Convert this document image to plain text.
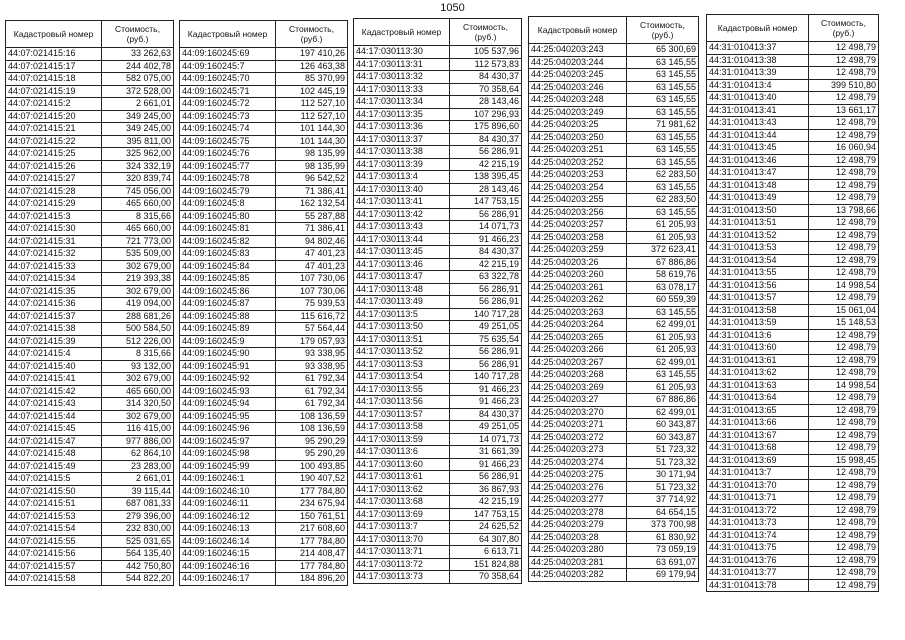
1050
Кадастровый номер	Стоимость, (руб.)
44:07:021415:16	33 262,63
44:07:021415:17	244 402,78
44:07:021415:18	582 075,00
44:07:021415:19	372 528,00
44:07:021415:2	2 661,01
44:07:021415:20	349 245,00
44:07:021415:21	349 245,00
44:07:021415:22	395 811,00
44:07:021415:25	325 962,00
44:07:021415:26	324 332,19
44:07:021415:27	320 839,74
44:07:021415:28	745 056,00
44:07:021415:29	465 660,00
44:07:021415:3	8 315,66
44:07:021415:30	465 660,00
44:07:021415:31	721 773,00
44:07:021415:32	535 509,00
44:07:021415:33	302 679,00
44:07:021415:34	219 393,38
44:07:021415:35	302 679,00
44:07:021415:36	419 094,00
44:07:021415:37	288 681,26
44:07:021415:38	500 584,50
44:07:021415:39	512 226,00
44:07:021415:4	8 315,66
44:07:021415:40	93 132,00
44:07:021415:41	302 679,00
44:07:021415:42	465 660,00
44:07:021415:43	314 320,50
44:07:021415:44	302 679,00
44:07:021415:45	116 415,00
44:07:021415:47	977 886,00
44:07:021415:48	62 864,10
44:07:021415:49	23 283,00
44:07:021415:5	2 661,01
44:07:021415:50	39 115,44
44:07:021415:51	687 081,33
44:07:021415:53	279 396,00
44:07:021415:54	232 830,00
44:07:021415:55	525 031,65
44:07:021415:56	564 135,40
44:07:021415:57	442 750,80
44:07:021415:58	544 822,20
Кадастровый номер	Стоимость, (руб.)
44:09:160245:69	197 410,26
44:09:160245:7	126 463,38
44:09:160245:70	85 370,99
44:09:160245:71	102 445,19
44:09:160245:72	112 527,10
44:09:160245:73	112 527,10
44:09:160245:74	101 144,30
44:09:160245:75	101 144,30
44:09:160245:76	98 135,99
44:09:160245:77	98 135,99
44:09:160245:78	96 542,52
44:09:160245:79	71 386,41
44:09:160245:8	162 132,54
44:09:160245:80	55 287,88
44:09:160245:81	71 386,41
44:09:160245:82	94 802,46
44:09:160245:83	47 401,23
44:09:160245:84	47 401,23
44:09:160245:85	107 730,06
44:09:160245:86	107 730,06
44:09:160245:87	75 939,53
44:09:160245:88	115 616,72
44:09:160245:89	57 564,44
44:09:160245:9	179 057,93
44:09:160245:90	93 338,95
44:09:160245:91	93 338,95
44:09:160245:92	61 792,34
44:09:160245:93	61 792,34
44:09:160245:94	61 792,34
44:09:160245:95	108 136,59
44:09:160245:96	108 136,59
44:09:160245:97	95 290,29
44:09:160245:98	95 290,29
44:09:160245:99	100 493,85
44:09:160246:1	190 407,52
44:09:160246:10	177 784,80
44:09:160246:11	234 675,94
44:09:160246:12	150 761,51
44:09:160246:13	217 608,60
44:09:160246:14	177 784,80
44:09:160246:15	214 408,47
44:09:160246:16	177 784,80
44:09:160246:17	184 896,20
Кадастровый номер	Стоимость, (руб.)
44:17:030113:30	105 537,96
44:17:030113:31	112 573,83
44:17:030113:32	84 430,37
44:17:030113:33	70 358,64
44:17:030113:34	28 143,46
44:17:030113:35	107 296,93
44:17:030113:36	175 896,60
44:17:030113:37	84 430,37
44:17:030113:38	56 286,91
44:17:030113:39	42 215,19
44:17:030113:4	138 395,45
44:17:030113:40	28 143,46
44:17:030113:41	147 753,15
44:17:030113:42	56 286,91
44:17:030113:43	14 071,73
44:17:030113:44	91 466,23
44:17:030113:45	84 430,37
44:17:030113:46	42 215,19
44:17:030113:47	63 322,78
44:17:030113:48	56 286,91
44:17:030113:49	56 286,91
44:17:030113:5	140 717,28
44:17:030113:50	49 251,05
44:17:030113:51	75 635,54
44:17:030113:52	56 286,91
44:17:030113:53	56 286,91
44:17:030113:54	140 717,28
44:17:030113:55	91 466,23
44:17:030113:56	91 466,23
44:17:030113:57	84 430,37
44:17:030113:58	49 251,05
44:17:030113:59	14 071,73
44:17:030113:6	31 661,39
44:17:030113:60	91 466,23
44:17:030113:61	56 286,91
44:17:030113:62	36 867,93
44:17:030113:68	42 215,19
44:17:030113:69	147 753,15
44:17:030113:7	24 625,52
44:17:030113:70	64 307,80
44:17:030113:71	6 613,71
44:17:030113:72	151 824,88
44:17:030113:73	70 358,64
Кадастровый номер	Стоимость, (руб.)
44:25:040203:243	65 300,69
44:25:040203:244	63 145,55
44:25:040203:245	63 145,55
44:25:040203:246	63 145,55
44:25:040203:248	63 145,55
44:25:040203:249	63 145,55
44:25:040203:25	71 981,62
44:25:040203:250	63 145,55
44:25:040203:251	63 145,55
44:25:040203:252	63 145,55
44:25:040203:253	62 283,50
44:25:040203:254	63 145,55
44:25:040203:255	62 283,50
44:25:040203:256	63 145,55
44:25:040203:257	61 205,93
44:25:040203:258	61 205,93
44:25:040203:259	372 623,41
44:25:040203:26	67 886,86
44:25:040203:260	58 619,76
44:25:040203:261	63 078,17
44:25:040203:262	60 559,39
44:25:040203:263	63 145,55
44:25:040203:264	62 499,01
44:25:040203:265	61 205,93
44:25:040203:266	61 205,93
44:25:040203:267	62 499,01
44:25:040203:268	63 145,55
44:25:040203:269	61 205,93
44:25:040203:27	67 886,86
44:25:040203:270	62 499,01
44:25:040203:271	60 343,87
44:25:040203:272	60 343,87
44:25:040203:273	51 723,32
44:25:040203:274	51 723,32
44:25:040203:275	30 171,94
44:25:040203:276	51 723,32
44:25:040203:277	37 714,92
44:25:040203:278	64 654,15
44:25:040203:279	373 700,98
44:25:040203:28	61 830,92
44:25:040203:280	73 059,19
44:25:040203:281	63 691,07
44:25:040203:282	69 179,94
Кадастровый номер	Стоимость, (руб.)
44:31:010413:37	12 498,79
44:31:010413:38	12 498,79
44:31:010413:39	12 498,79
44:31:010413:4	399 510,80
44:31:010413:40	12 498,79
44:31:010413:41	13 661,17
44:31:010413:43	12 498,79
44:31:010413:44	12 498,79
44:31:010413:45	16 060,94
44:31:010413:46	12 498,79
44:31:010413:47	12 498,79
44:31:010413:48	12 498,79
44:31:010413:49	12 498,79
44:31:010413:50	13 798,66
44:31:010413:51	12 498,79
44:31:010413:52	12 498,79
44:31:010413:53	12 498,79
44:31:010413:54	12 498,79
44:31:010413:55	12 498,79
44:31:010413:56	14 998,54
44:31:010413:57	12 498,79
44:31:010413:58	15 061,04
44:31:010413:59	15 148,53
44:31:010413:6	12 498,79
44:31:010413:60	12 498,79
44:31:010413:61	12 498,79
44:31:010413:62	12 498,79
44:31:010413:63	14 998,54
44:31:010413:64	12 498,79
44:31:010413:65	12 498,79
44:31:010413:66	12 498,79
44:31:010413:67	12 498,79
44:31:010413:68	12 498,79
44:31:010413:69	15 998,45
44:31:010413:7	12 498,79
44:31:010413:70	12 498,79
44:31:010413:71	12 498,79
44:31:010413:72	12 498,79
44:31:010413:73	12 498,79
44:31:010413:74	12 498,79
44:31:010413:75	12 498,79
44:31:010413:76	12 498,79
44:31:010413:77	12 498,79
44:31:010413:78	12 498,79
